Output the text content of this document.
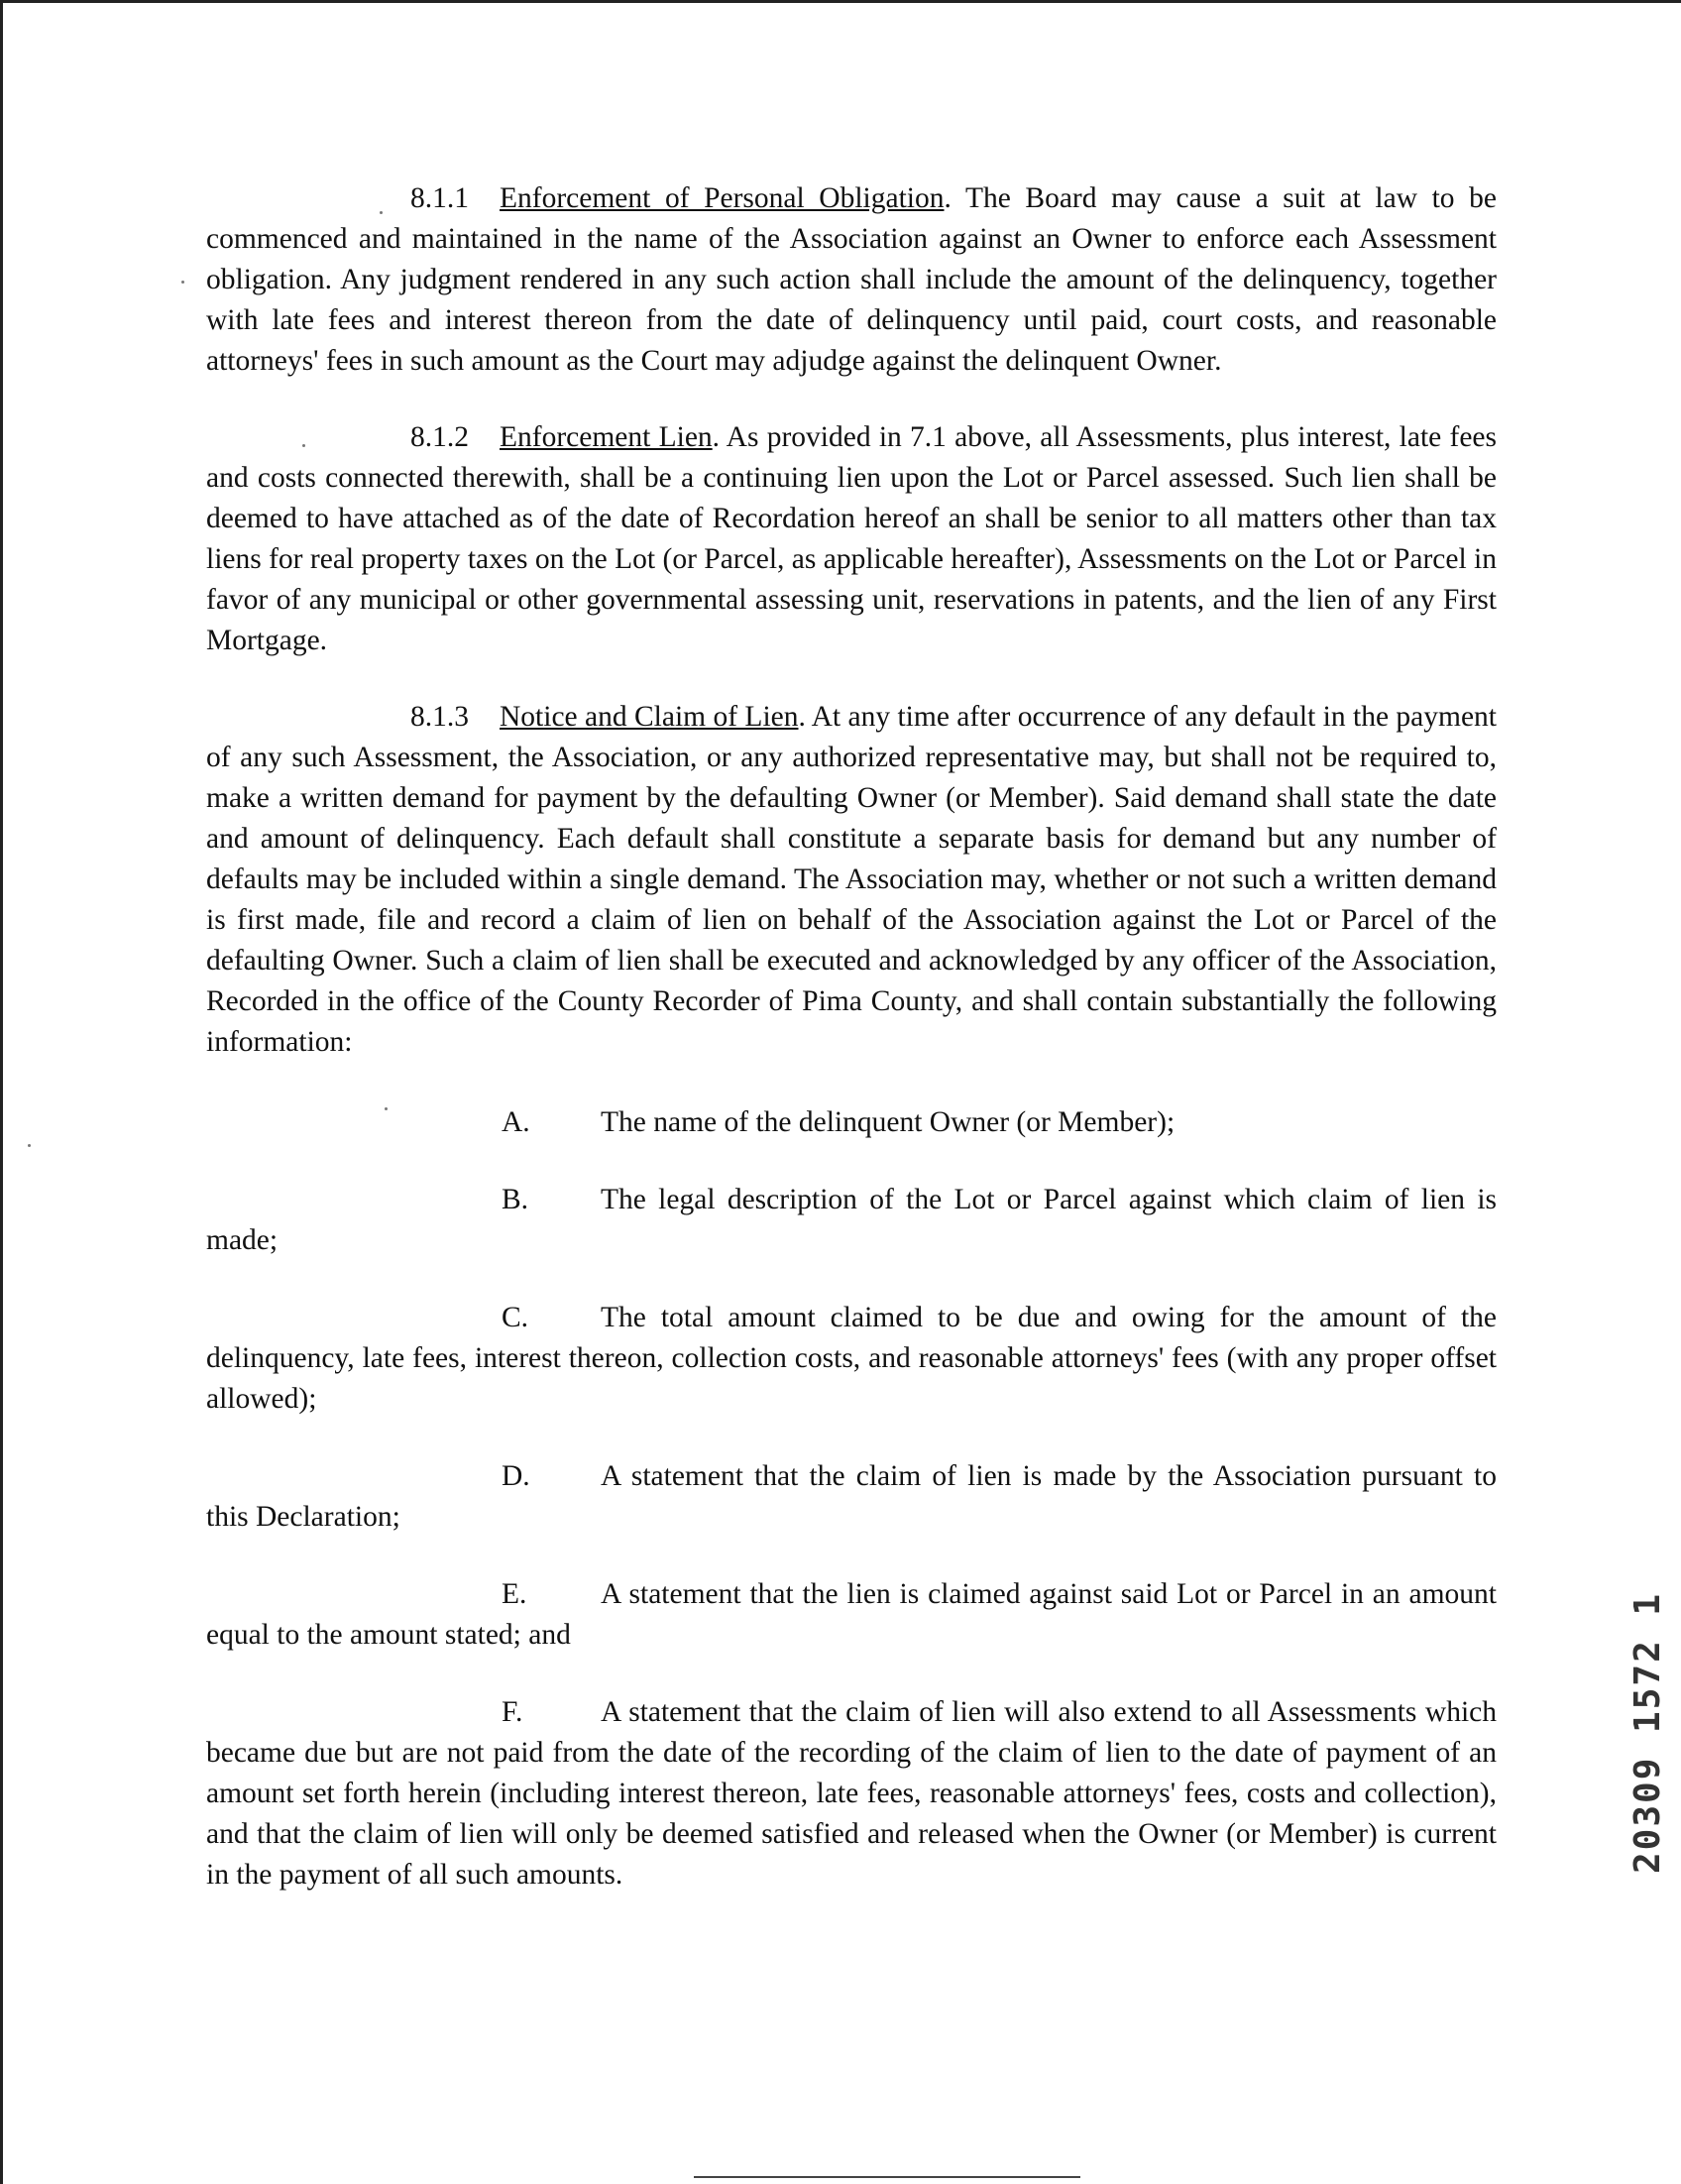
8.1.1 Enforcement of Personal Obligation. The Board may cause a suit at law to be commenced and maintained in the name of the Association against an Owner to enforce each Assessment obligation. Any judgment rendered in any such action shall include the amount of the delinquency, together with late fees and interest thereon from the date of delinquency until paid, court costs, and reasonable attorneys' fees in such amount as the Court may adjudge against the delinquent Owner.

8.1.2 Enforcement Lien. As provided in 7.1 above, all Assessments, plus interest, late fees and costs connected therewith, shall be a continuing lien upon the Lot or Parcel assessed. Such lien shall be deemed to have attached as of the date of Recordation hereof an shall be senior to all matters other than tax liens for real property taxes on the Lot (or Parcel, as applicable hereafter), Assessments on the Lot or Parcel in favor of any municipal or other governmental assessing unit, reservations in patents, and the lien of any First Mortgage.

8.1.3 Notice and Claim of Lien. At any time after occurrence of any default in the payment of any such Assessment, the Association, or any authorized representative may, but shall not be required to, make a written demand for payment by the defaulting Owner (or Member). Said demand shall state the date and amount of delinquency. Each default shall constitute a separate basis for demand but any number of defaults may be included within a single demand. The Association may, whether or not such a written demand is first made, file and record a claim of lien on behalf of the Association against the Lot or Parcel of the defaulting Owner. Such a claim of lien shall be executed and acknowledged by any officer of the Association, Recorded in the office of the County Recorder of Pima County, and shall contain substantially the following information:

A. The name of the delinquent Owner (or Member);

B. The legal description of the Lot or Parcel against which claim of lien is made;

C. The total amount claimed to be due and owing for the amount of the delinquency, late fees, interest thereon, collection costs, and reasonable attorneys' fees (with any proper offset allowed);

D. A statement that the claim of lien is made by the Association pursuant to this Declaration;

E.	A statement that the lien is claimed against said Lot or Parcel in an amount equal to the amount stated; and

F.	A statement that the claim of lien will also extend to all Assessments which became due but are not paid from the date of the recording of the claim of lien to the date of payment of an amount set forth herein (including interest thereon, late fees, reasonable attorneys' fees, costs and collection), and that the claim of lien will only be deemed satisfied and released when the Owner (or Member) is current in the payment of all such amounts.

20309 1572 1
